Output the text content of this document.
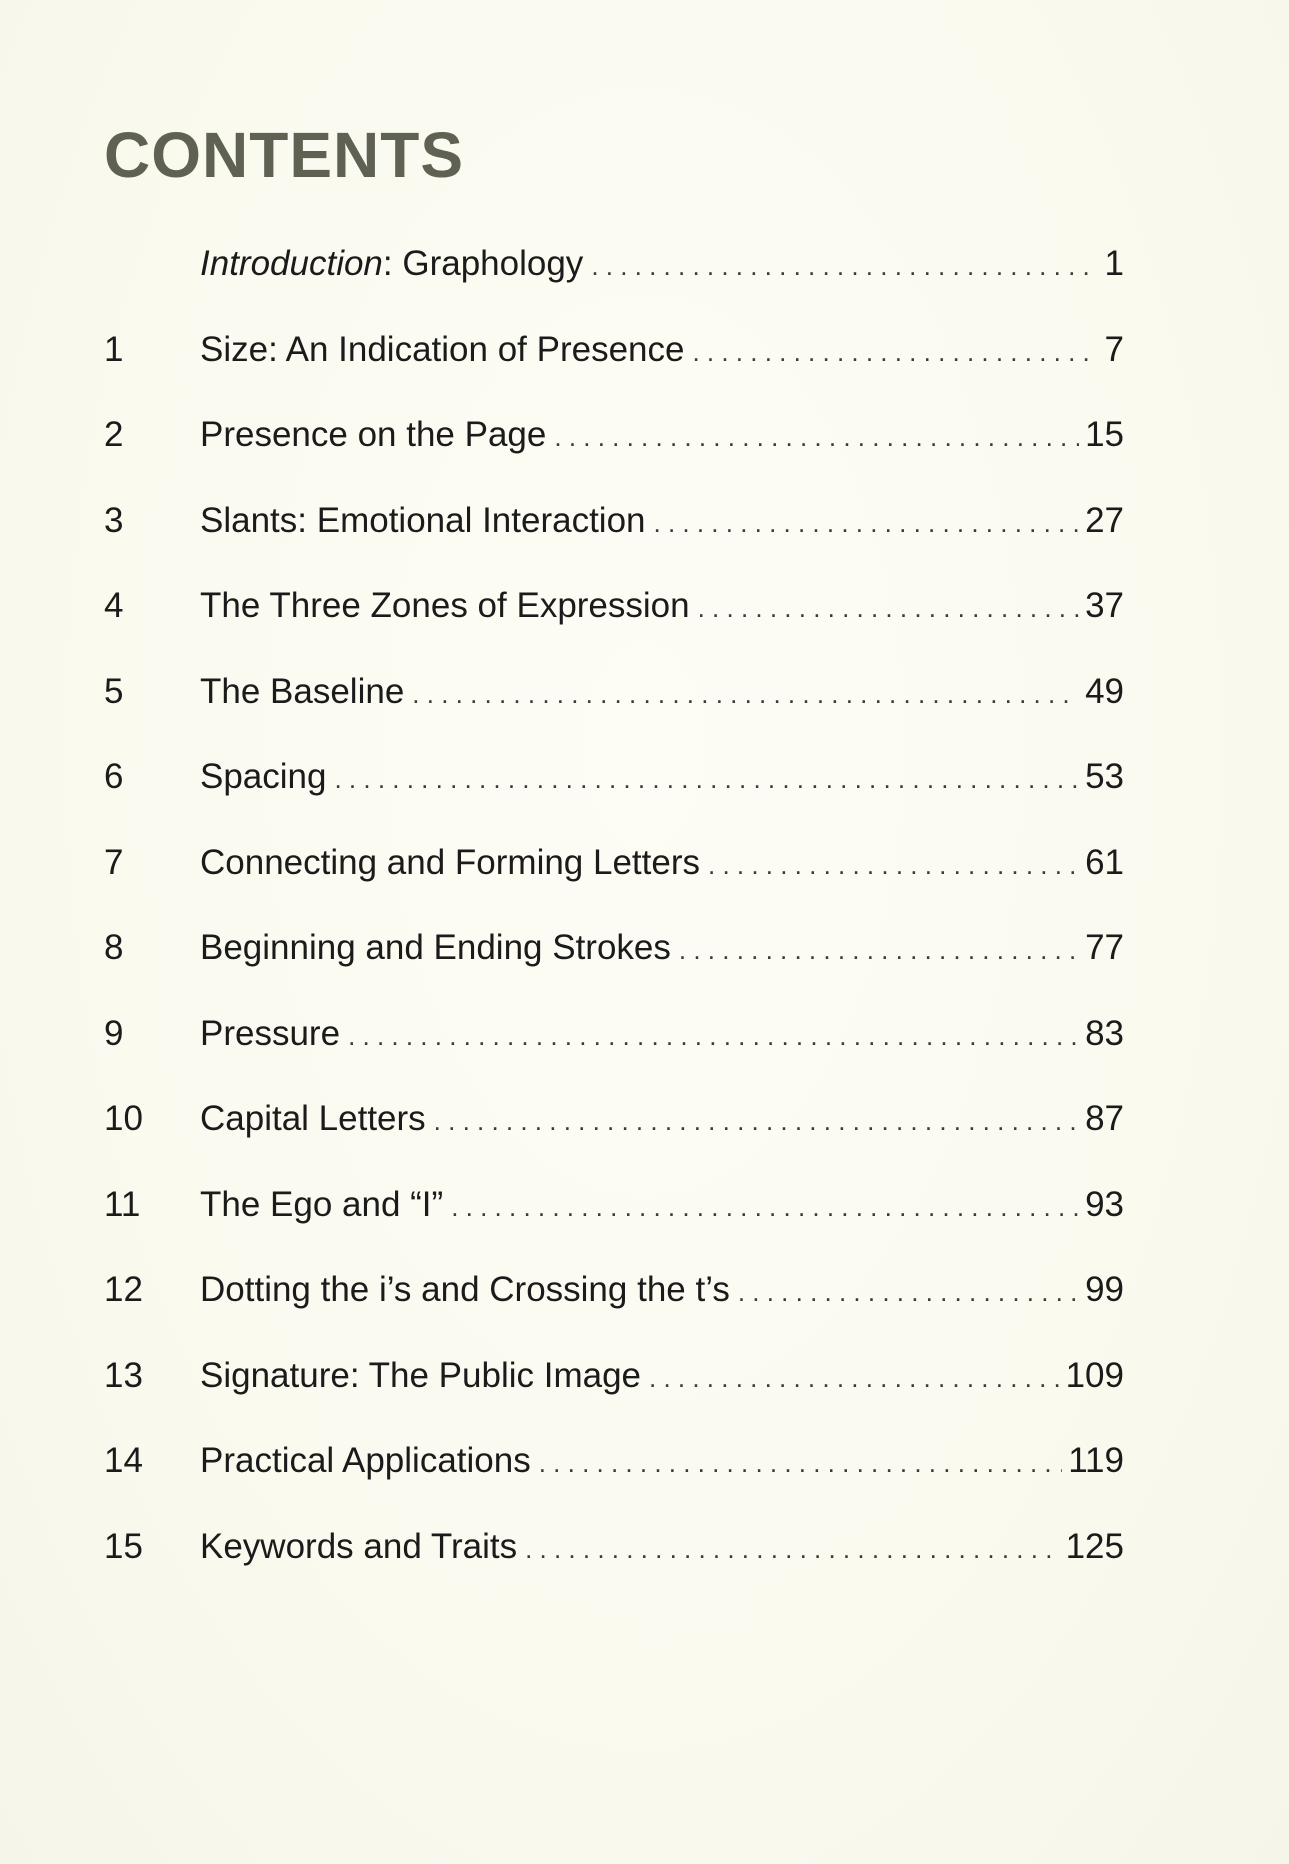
CONTENTS
Introduction: Graphology . . .	1
1	Size: An Indication of Presence . . .	7
2	Presence on the Page . . .	15
3	Slants: Emotional Interaction . . .	27
4	The Three Zones of Expression . . .	37
5	The Baseline . . .	49
6	Spacing . . .	53
7	Connecting and Forming Letters . . .	61
8	Beginning and Ending Strokes . . .	77
9	Pressure . . .	83
10	Capital Letters . . .	87
11	The Ego and “I” . . .	93
12	Dotting the i’s and Crossing the t’s . . .	99
13	Signature: The Public Image . . .	109
14	Practical Applications . . .	119
15	Keywords and Traits . . .	125
